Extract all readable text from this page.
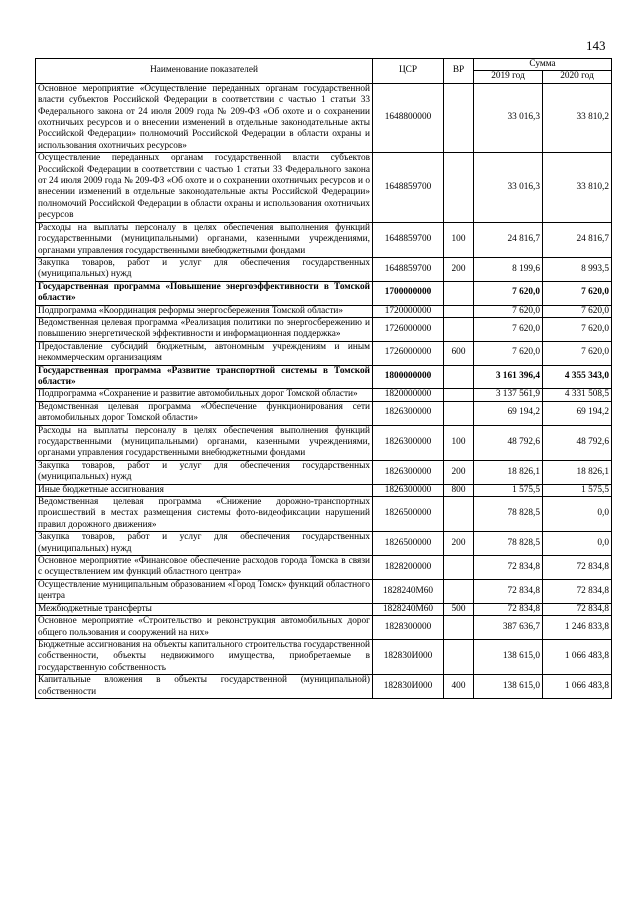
143
Наименование показателей	ЦСР	ВР	Сумма	
			2019 год	2020 год
Основное мероприятие «Осуществление переданных органам государственной власти субъектов Российской Федерации в соответствии с частью 1 статьи 33 Федерального закона от 24 июля 2009 года № 209-ФЗ «Об охоте и о сохранении охотничьих ресурсов и о внесении изменений в отдельные законодательные акты Российской Федерации» полномочий Российской Федерации в области охраны и использования охотничьих ресурсов»	1648800000		33 016,3	33 810,2
Осуществление переданных органам государственной власти субъектов Российской Федерации в соответствии с частью 1 статьи 33 Федерального закона от 24 июля 2009 года № 209-ФЗ «Об охоте и о сохранении охотничьих ресурсов и о внесении изменений в отдельные законодательные акты Российской Федерации» полномочий Российской Федерации в области охраны и использования охотничьих ресурсов	1648859700		33 016,3	33 810,2
Расходы на выплаты персоналу в целях обеспечения выполнения функций государственными (муниципальными) органами, казенными учреждениями, органами управления государственными внебюджетными фондами	1648859700	100	24 816,7	24 816,7
Закупка товаров, работ и услуг для обеспечения государственных (муниципальных) нужд	1648859700	200	8 199,6	8 993,5
Государственная программа «Повышение энергоэффективности в Томской области»	1700000000		7 620,0	7 620,0
Подпрограмма «Координация реформы энергосбережения Томской области»	1720000000		7 620,0	7 620,0
Ведомственная целевая программа «Реализация политики по энергосбережению и повышению энергетической эффективности и информационная поддержка»	1726000000		7 620,0	7 620,0
Предоставление субсидий бюджетным, автономным учреждениям и иным некоммерческим организациям	1726000000	600	7 620,0	7 620,0
Государственная программа «Развитие транспортной системы в Томской области»	1800000000		3 161 396,4	4 355 343,0
Подпрограмма «Сохранение и развитие автомобильных дорог Томской области»	1820000000		3 137 561,9	4 331 508,5
Ведомственная целевая программа «Обеспечение функционирования сети автомобильных дорог Томской области»	1826300000		69 194,2	69 194,2
Расходы на выплаты персоналу в целях обеспечения выполнения функций государственными (муниципальными) органами, казенными учреждениями, органами управления государственными внебюджетными фондами	1826300000	100	48 792,6	48 792,6
Закупка товаров, работ и услуг для обеспечения государственных (муниципальных) нужд	1826300000	200	18 826,1	18 826,1
Иные бюджетные ассигнования	1826300000	800	1 575,5	1 575,5
Ведомственная целевая программа «Снижение дорожно-транспортных происшествий в местах размещения системы фото-видеофиксации нарушений правил дорожного движения»	1826500000		78 828,5	0,0
Закупка товаров, работ и услуг для обеспечения государственных (муниципальных) нужд	1826500000	200	78 828,5	0,0
Основное мероприятие «Финансовое обеспечение расходов города Томска в связи с осуществлением им функций областного центра»	1828200000		72 834,8	72 834,8
Осуществление муниципальным образованием «Город Томск» функций областного центра	1828240М60		72 834,8	72 834,8
Межбюджетные трансферты	1828240М60	500	72 834,8	72 834,8
Основное мероприятие «Строительство и реконструкция автомобильных дорог общего пользования и сооружений на них»	1828300000		387 636,7	1 246 833,8
Бюджетные ассигнования на объекты капитального строительства государственной собственности, объекты недвижимого имущества, приобретаемые в государственную собственность	182830И000		138 615,0	1 066 483,8
Капитальные вложения в объекты государственной (муниципальной) собственности	182830И000	400	138 615,0	1 066 483,8
